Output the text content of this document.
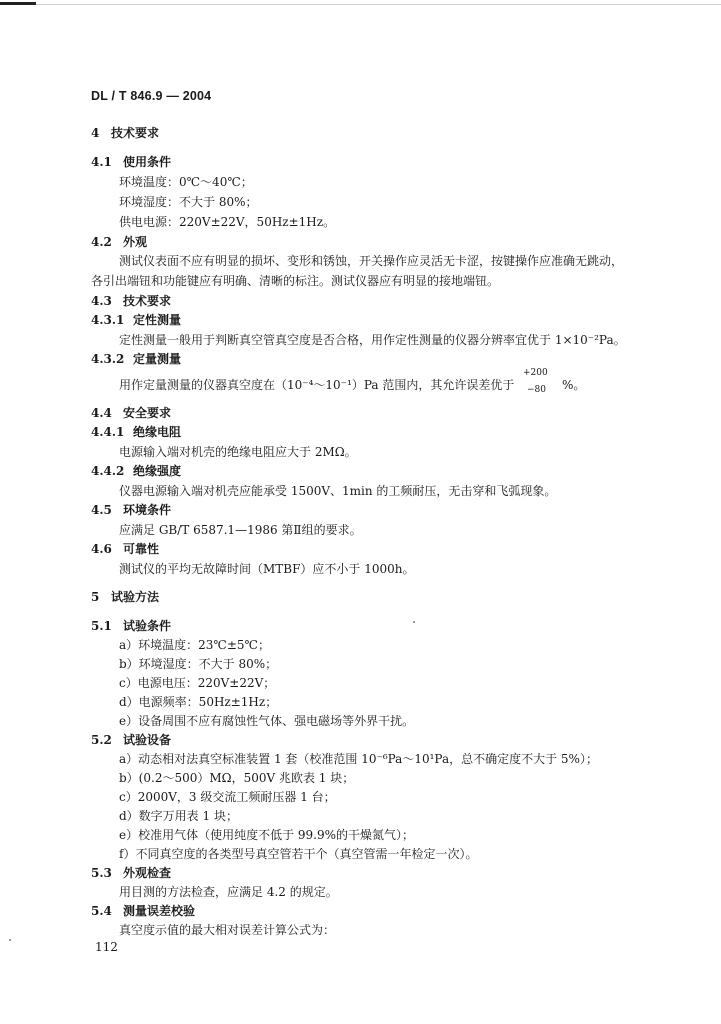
DL / T 846.9 — 2004
4 技术要求
4.1 使用条件
环境温度：0℃～40℃；
环境湿度：不大于 80%；
供电电源：220V±22V，50Hz±1Hz。
4.2 外观
测试仪表面不应有明显的损坏、变形和锈蚀，开关操作应灵活无卡涩，按键操作应准确无跳动，
各引出端钮和功能键应有明确、清晰的标注。测试仪器应有明显的接地端钮。
4.3 技术要求
4.3.1 定性测量
定性测量一般用于判断真空管真空度是否合格，用作定性测量的仪器分辨率宜优于 1×10⁻²Pa。
4.3.2 定量测量
用作定量测量的仪器真空度在（10⁻⁴～10⁻¹）Pa 范围内，其允许误差优于	%。
4.4 安全要求
4.4.1 绝缘电阻
电源输入端对机壳的绝缘电阻应大于 2MΩ。
4.4.2 绝缘强度
仪器电源输入端对机壳应能承受 1500V、1min 的工频耐压，无击穿和飞弧现象。
4.5 环境条件
应满足 GB/T 6587.1—1986 第Ⅱ组的要求。
4.6 可靠性
测试仪的平均无故障时间（MTBF）应不小于 1000h。
5 试验方法
5.1 试验条件
a）环境温度：23℃±5℃；
b）环境湿度：不大于 80%；
c）电源电压：220V±22V；
d）电源频率：50Hz±1Hz；
e）设备周围不应有腐蚀性气体、强电磁场等外界干扰。
5.2 试验设备
a）动态相对法真空标准装置 1 套（校准范围 10⁻⁶Pa～10¹Pa，总不确定度不大于 5%）；
b）(0.2～500）MΩ，500V 兆欧表 1 块；
c）2000V，3 级交流工频耐压器 1 台；
d）数字万用表 1 块；
e）校准用气体（使用纯度不低于 99.9%的干燥氮气）；
f）不同真空度的各类型号真空管若干个（真空管需一年检定一次）。
5.3 外观检查
用目测的方法检查，应满足 4.2 的规定。
5.4 测量误差校验
真空度示值的最大相对误差计算公式为：
+200
−80
112
